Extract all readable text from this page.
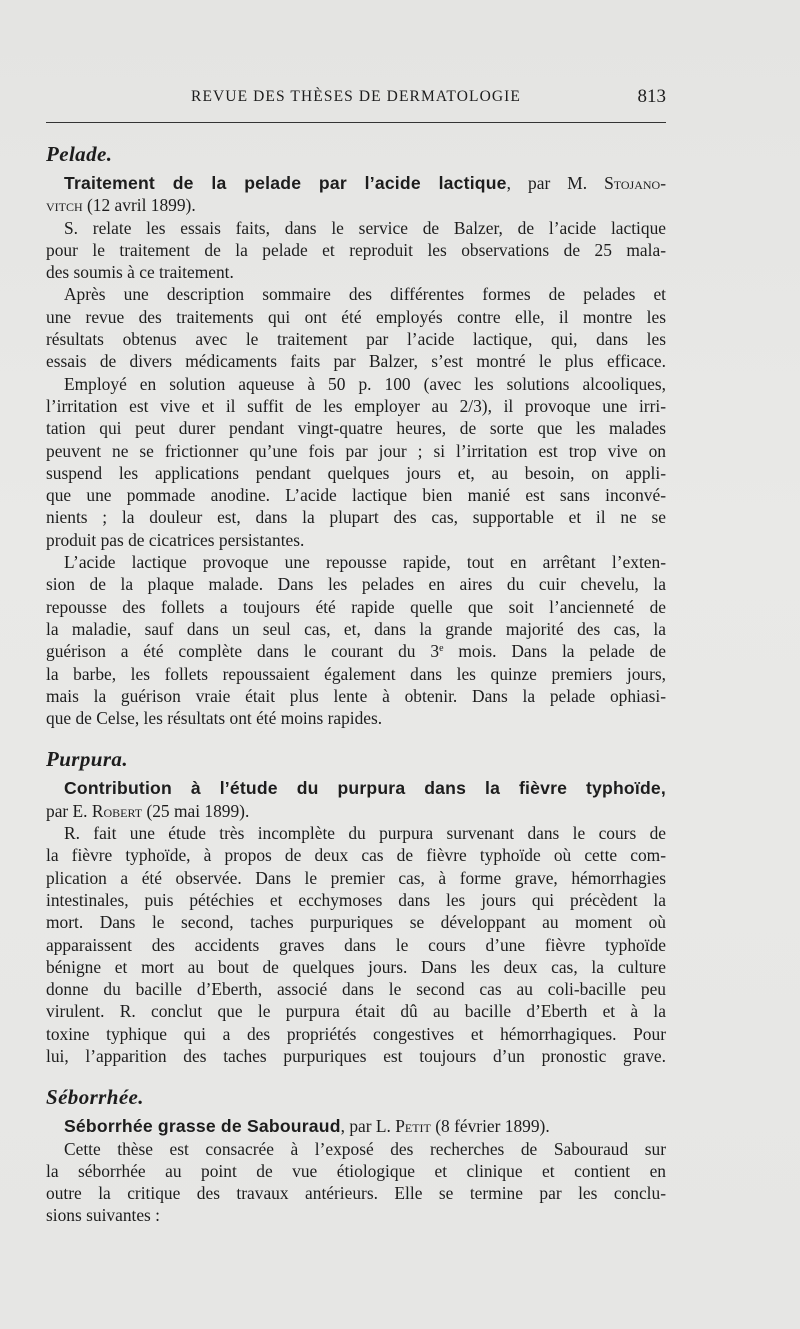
REVUE DES THÈSES DE DERMATOLOGIE	813
Pelade.
Traitement de la pelade par l’acide lactique, par M. Stojano-
vitch (12 avril 1899).
S. relate les essais faits, dans le service de Balzer, de l’acide lactique
pour le traitement de la pelade et reproduit les observations de 25 mala-
des soumis à ce traitement.
Après une description sommaire des différentes formes de pelades et
une revue des traitements qui ont été employés contre elle, il montre les
résultats obtenus avec le traitement par l’acide lactique, qui, dans les
essais de divers médicaments faits par Balzer, s’est montré le plus efficace.
Employé en solution aqueuse à 50 p. 100 (avec les solutions alcooliques,
l’irritation est vive et il suffit de les employer au 2/3), il provoque une irri-
tation qui peut durer pendant vingt-quatre heures, de sorte que les malades
peuvent ne se frictionner qu’une fois par jour ; si l’irritation est trop vive on
suspend les applications pendant quelques jours et, au besoin, on appli-
que une pommade anodine. L’acide lactique bien manié est sans inconvé-
nients ; la douleur est, dans la plupart des cas, supportable et il ne se
produit pas de cicatrices persistantes.
L’acide lactique provoque une repousse rapide, tout en arrêtant l’exten-
sion de la plaque malade. Dans les pelades en aires du cuir chevelu, la
repousse des follets a toujours été rapide quelle que soit l’ancienneté de
la maladie, sauf dans un seul cas, et, dans la grande majorité des cas, la
guérison a été complète dans le courant du 3e mois. Dans la pelade de
la barbe, les follets repoussaient également dans les quinze premiers jours,
mais la guérison vraie était plus lente à obtenir. Dans la pelade ophiasi-
que de Celse, les résultats ont été moins rapides.
Purpura.
Contribution à l’étude du purpura dans la fièvre typhoïde,
par E. Robert (25 mai 1899).
R. fait une étude très incomplète du purpura survenant dans le cours de
la fièvre typhoïde, à propos de deux cas de fièvre typhoïde où cette com-
plication a été observée. Dans le premier cas, à forme grave, hémorrhagies
intestinales, puis pétéchies et ecchymoses dans les jours qui précèdent la
mort. Dans le second, taches purpuriques se développant au moment où
apparaissent des accidents graves dans le cours d’une fièvre typhoïde
bénigne et mort au bout de quelques jours. Dans les deux cas, la culture
donne du bacille d’Eberth, associé dans le second cas au coli-bacille peu
virulent. R. conclut que le purpura était dû au bacille d’Eberth et à la
toxine typhique qui a des propriétés congestives et hémorrhagiques. Pour
lui, l’apparition des taches purpuriques est toujours d’un pronostic grave.
Séborrhée.
Séborrhée grasse de Sabouraud, par L. Petit (8 février 1899).
Cette thèse est consacrée à l’exposé des recherches de Sabouraud sur
la séborrhée au point de vue étiologique et clinique et contient en
outre la critique des travaux antérieurs. Elle se termine par les conclu-
sions suivantes :
